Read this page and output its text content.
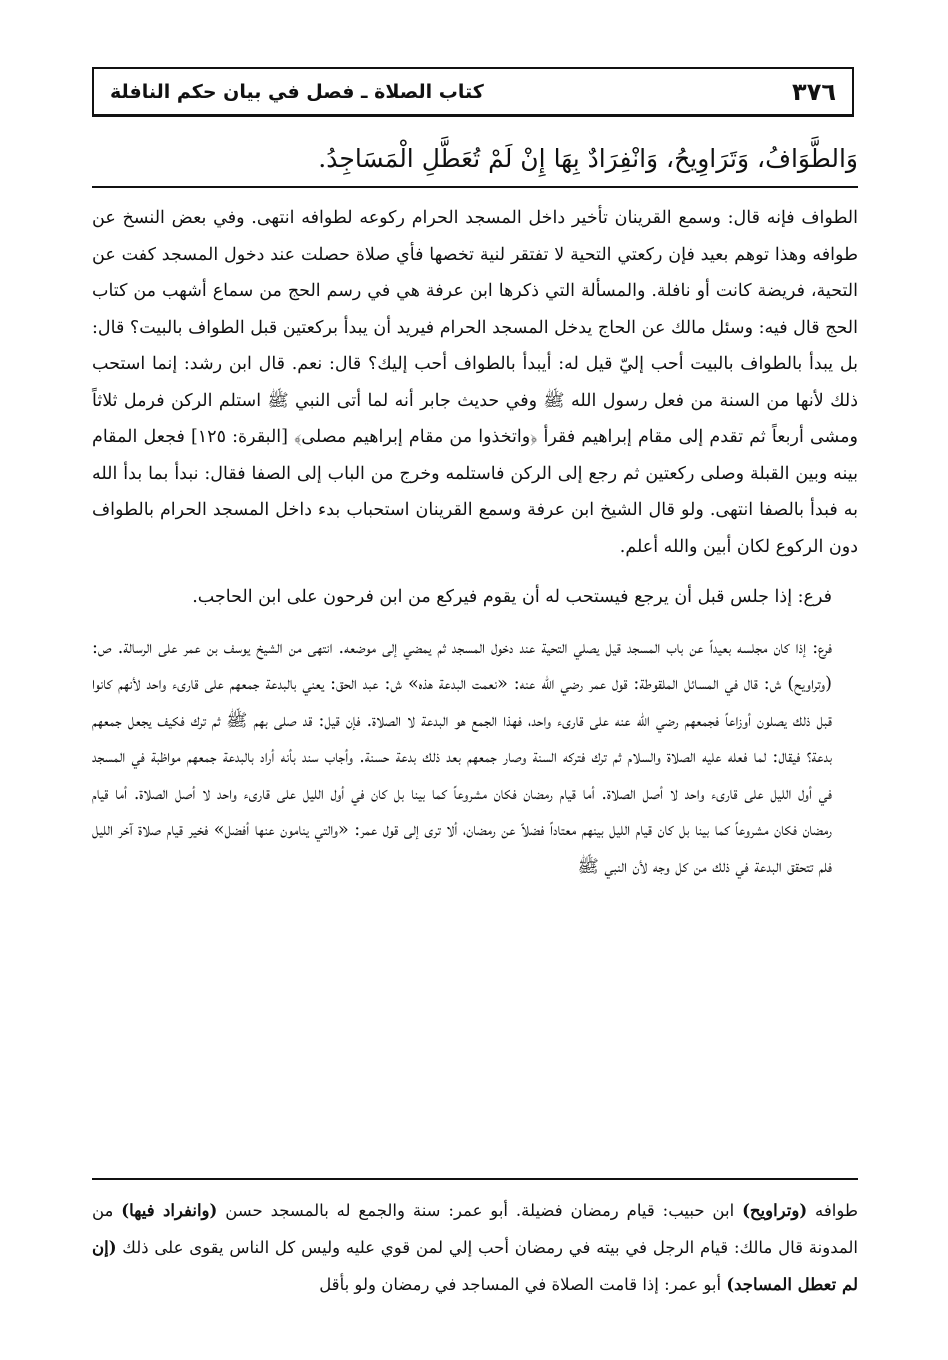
٣٧٦
كتاب الصلاة ـ فصل في بيان حكم النافلة
وَالطَّوَافُ، وَتَرَاوِيحُ، وَانْفِرَادٌ بِهَا إِنْ لَمْ تُعَطَّلِ الْمَسَاجِدُ.

الطواف فإنه قال: وسمع القرينان تأخير داخل المسجد الحرام ركوعه لطوافه انتهى. وفي بعض النسخ عن طوافه وهذا توهم بعيد فإن ركعتي التحية لا تفتقر لنية تخصها فأي صلاة حصلت عند دخول المسجد كفت عن التحية، فريضة كانت أو نافلة. والمسألة التي ذكرها ابن عرفة هي في رسم الحج من سماع أشهب من كتاب الحج قال فيه: وسئل مالك عن الحاج يدخل المسجد الحرام فيريد أن يبدأ بركعتين قبل الطواف بالبيت؟ قال: بل يبدأ بالطواف بالبيت أحب إليّ قيل له: أيبدأ بالطواف أحب إليك؟ قال: نعم. قال ابن رشد: إنما استحب ذلك لأنها من السنة من فعل رسول الله ﷺ وفي حديث جابر أنه لما أتى النبي ﷺ استلم الركن فرمل ثلاثاً ومشى أربعاً ثم تقدم إلى مقام إبراهيم فقرأ ﴿واتخذوا من مقام إبراهيم مصلى﴾ [البقرة: ١٢٥] فجعل المقام بينه وبين القبلة وصلى ركعتين ثم رجع إلى الركن فاستلمه وخرج من الباب إلى الصفا فقال: نبدأ بما بدأ الله به فبدأ بالصفا انتهى. ولو قال الشيخ ابن عرفة وسمع القرينان استحباب بدء داخل المسجد الحرام بالطواف دون الركوع لكان أبين والله أعلم.

فرع: إذا جلس قبل أن يرجع فيستحب له أن يقوم فيركع من ابن فرحون على ابن الحاجب.

فرع: إذا كان مجلسه بعيداً عن باب المسجد قيل يصلي التحية عند دخول المسجد ثم يمضي إلى موضعه. انتهى من الشيخ يوسف بن عمر على الرسالة. ص: (وتراويح) ش: قال في المسائل الملقوطة: قول عمر رضي الله عنه: «نعمت البدعة هذه» ش: عبد الحق: يعني بالبدعة جمعهم على قارىء واحد لأنهم كانوا قبل ذلك يصلون أوزاعاً فجمعهم رضي الله عنه على قارىء واحد، فهذا الجمع هو البدعة لا الصلاة. فإن قيل: قد صلى بهم ﷺ ثم ترك فكيف يجعل جمعهم بدعة؟ فيقال: لما فعله عليه الصلاة والسلام ثم ترك فتركه السنة وصار جمعهم بعد ذلك بدعة حسنة. وأجاب سند بأنه أراد بالبدعة جمعهم مواظبة في المسجد في أول الليل على قارىء واحد لا أصل الصلاة. أما قيام رمضان فكان مشروعاً كما بينا بل كان في أول الليل على قارىء واحد لا أصل الصلاة. أما قيام رمضان فكان مشروعاً كما بينا بل كان قيام الليل بينهم معتاداً فضلاً عن رمضان، ألا ترى إلى قول عمر: «والتي ينامون عنها أفضل» فخير قيام صلاة آخر الليل فلم تتحقق البدعة في ذلك من كل وجه لأن النبي ﷺ

طوافه (وتراويح) ابن حبيب: قيام رمضان فضيلة. أبو عمر: سنة والجمع له بالمسجد حسن (وانفراد فيها) من المدونة قال مالك: قيام الرجل في بيته في رمضان أحب إلي لمن قوي عليه وليس كل الناس يقوى على ذلك (إن لم تعطل المساجد) أبو عمر: إذا قامت الصلاة في المساجد في رمضان ولو بأقل
